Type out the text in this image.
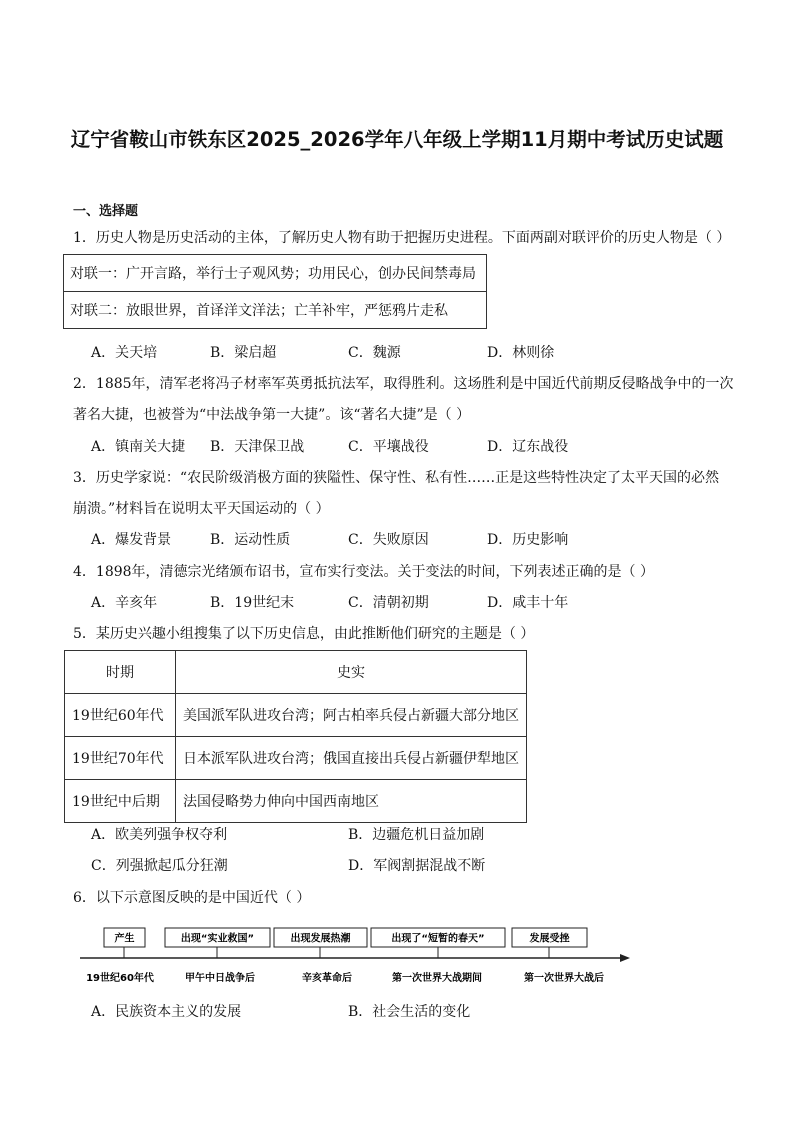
辽宁省鞍山市铁东区2025_2026学年八年级上学期11月期中考试历史试题
一、选择题
1．历史人物是历史活动的主体，了解历史人物有助于把握历史进程。下面两副对联评价的历史人物是（ ）
对联一：广开言路，举行士子观风势；功用民心，创办民间禁毒局
对联二：放眼世界，首译洋文洋法；亡羊补牢，严惩鸦片走私
A．关天培	B．梁启超	C．魏源	D．林则徐
2．1885年，清军老将冯子材率军英勇抵抗法军，取得胜利。这场胜利是中国近代前期反侵略战争中的一次
著名大捷，也被誉为“中法战争第一大捷”。该“著名大捷”是（ ）
A．镇南关大捷 B．天津保卫战	C．平壤战役	D．辽东战役
3．历史学家说：“农民阶级消极方面的狭隘性、保守性、私有性……正是这些特性决定了太平天国的必然
崩溃。”材料旨在说明太平天国运动的（ ）
A．爆发背景	B．运动性质	C．失败原因	D．历史影响
4．1898年，清德宗光绪颁布诏书，宣布实行变法。关于变法的时间，下列表述正确的是（ ）
A．辛亥年	B．19世纪末	C．清朝初期	D．咸丰十年
5．某历史兴趣小组搜集了以下历史信息，由此推断他们研究的主题是（ ）
时期	史实
19世纪60年代	美国派军队进攻台湾；阿古柏率兵侵占新疆大部分地区
19世纪70年代	日本派军队进攻台湾；俄国直接出兵侵占新疆伊犁地区
19世纪中后期	法国侵略势力伸向中国西南地区
A．欧美列强争权夺利	B．边疆危机日益加剧
C．列强掀起瓜分狂潮	D．军阀割据混战不断
6．以下示意图反映的是中国近代（ ）
产生	出现“实业救国”	出现发展热潮	出现了“短暂的春天”	发展受挫
19世纪60年代	甲午中日战争后	辛亥革命后	第一次世界大战期间	第一次世界大战后
A．民族资本主义的发展	B．社会生活的变化
